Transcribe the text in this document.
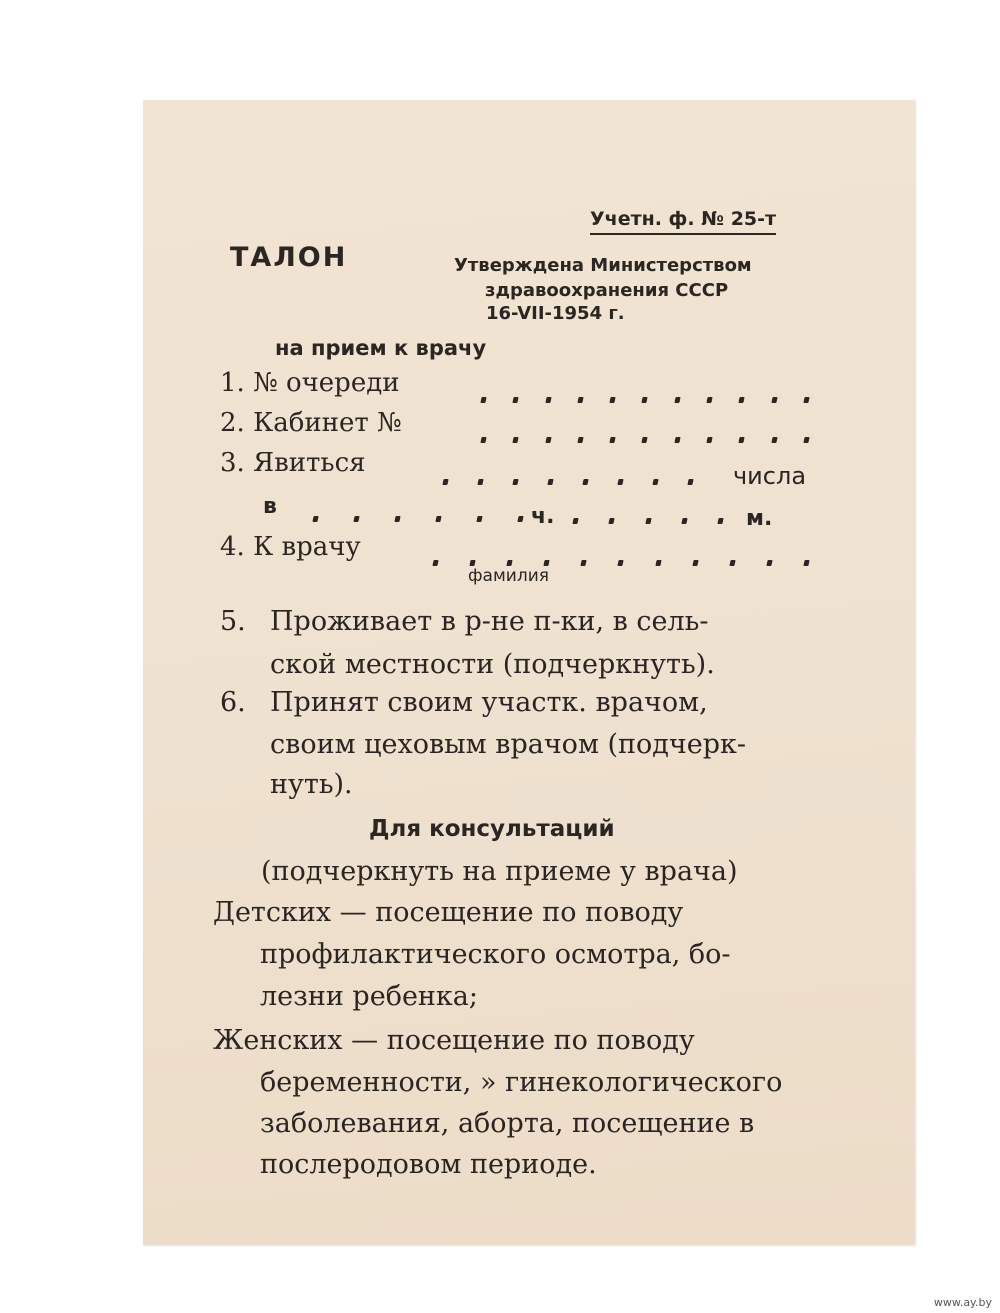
Учетн. ф. № 25-т
ТАЛОН	Утверждена Министерством
здравоохранения СССР
16-VII-1954 г.
на прием к врачу
1. № очереди
2. Кабинет №
3. Явиться	числа
в	ч.	м.
4. К врачу
фамилия
5. Проживает в р-не п-ки, в сель-
ской местности (подчеркнуть).
6. Принят своим участк. врачом,
своим цеховым врачом (подчерк-
нуть).
Для консультаций
(подчеркнуть на приеме у врача)
Детских — посещение по поводу
профилактического осмотра, бо-
лезни ребенка;
Женских — посещение по поводу
беременности, » гинекологического
заболевания, аборта, посещение в
послеродовом периоде.
www.ay.by
